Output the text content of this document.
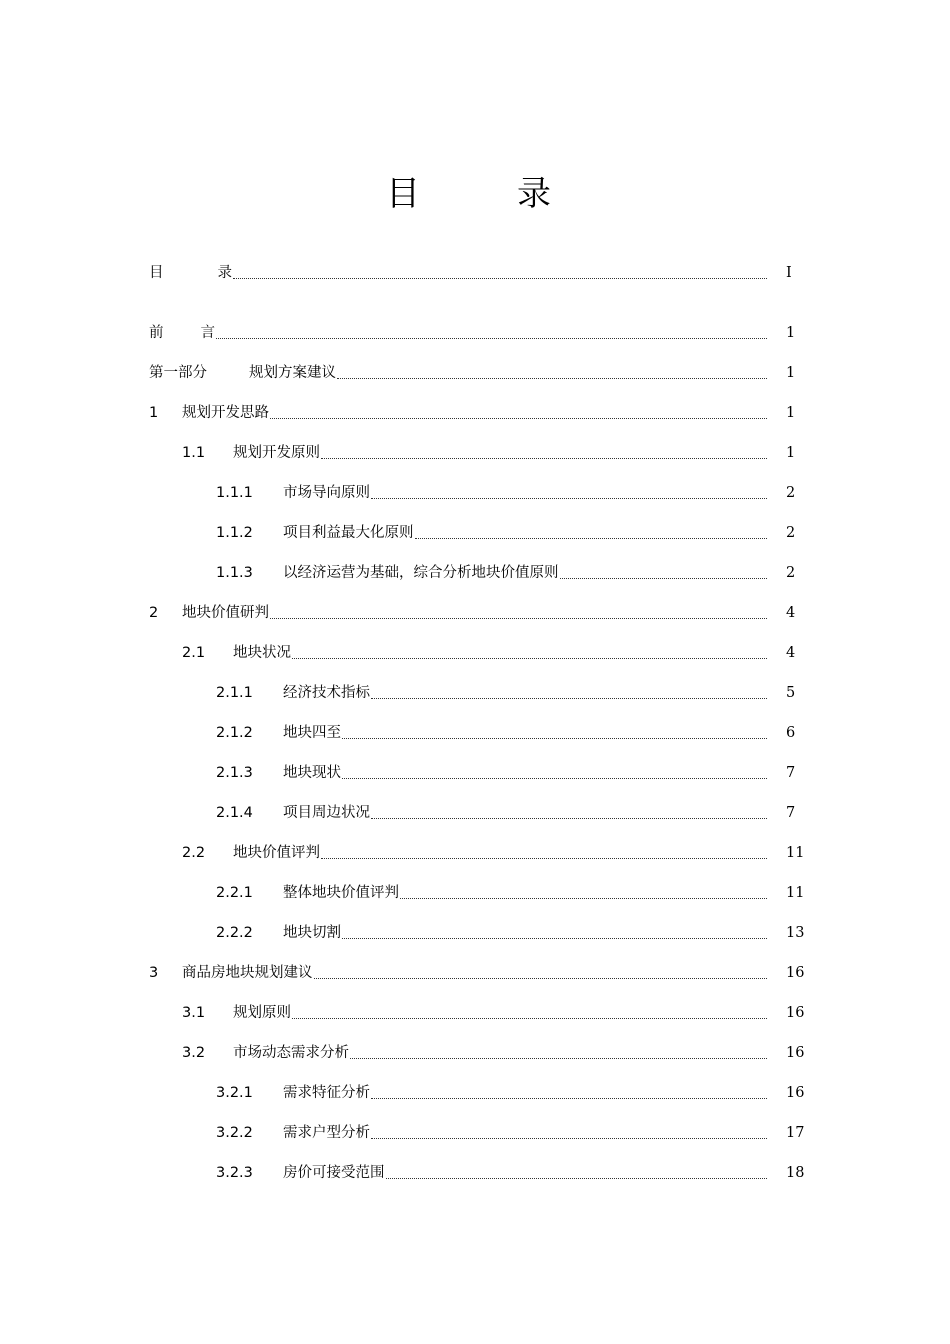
目	录
目	录	I
前	言	1
第一部分	规划方案建议	1
1 规划开发思路	1
1.1 规划开发原则	1
1.1.1 市场导向原则	2
1.1.2 项目利益最大化原则	2
1.1.3 以经济运营为基础，综合分析地块价值原则	2
2 地块价值研判	4
2.1 地块状况	4
2.1.1 经济技术指标	5
2.1.2 地块四至	6
2.1.3 地块现状	7
2.1.4 项目周边状况	7
2.2 地块价值评判	11
2.2.1 整体地块价值评判	11
2.2.2 地块切割	13
3 商品房地块规划建议	16
3.1 规划原则	16
3.2 市场动态需求分析	16
3.2.1 需求特征分析	16
3.2.2 需求户型分析	17
3.2.3 房价可接受范围	18
